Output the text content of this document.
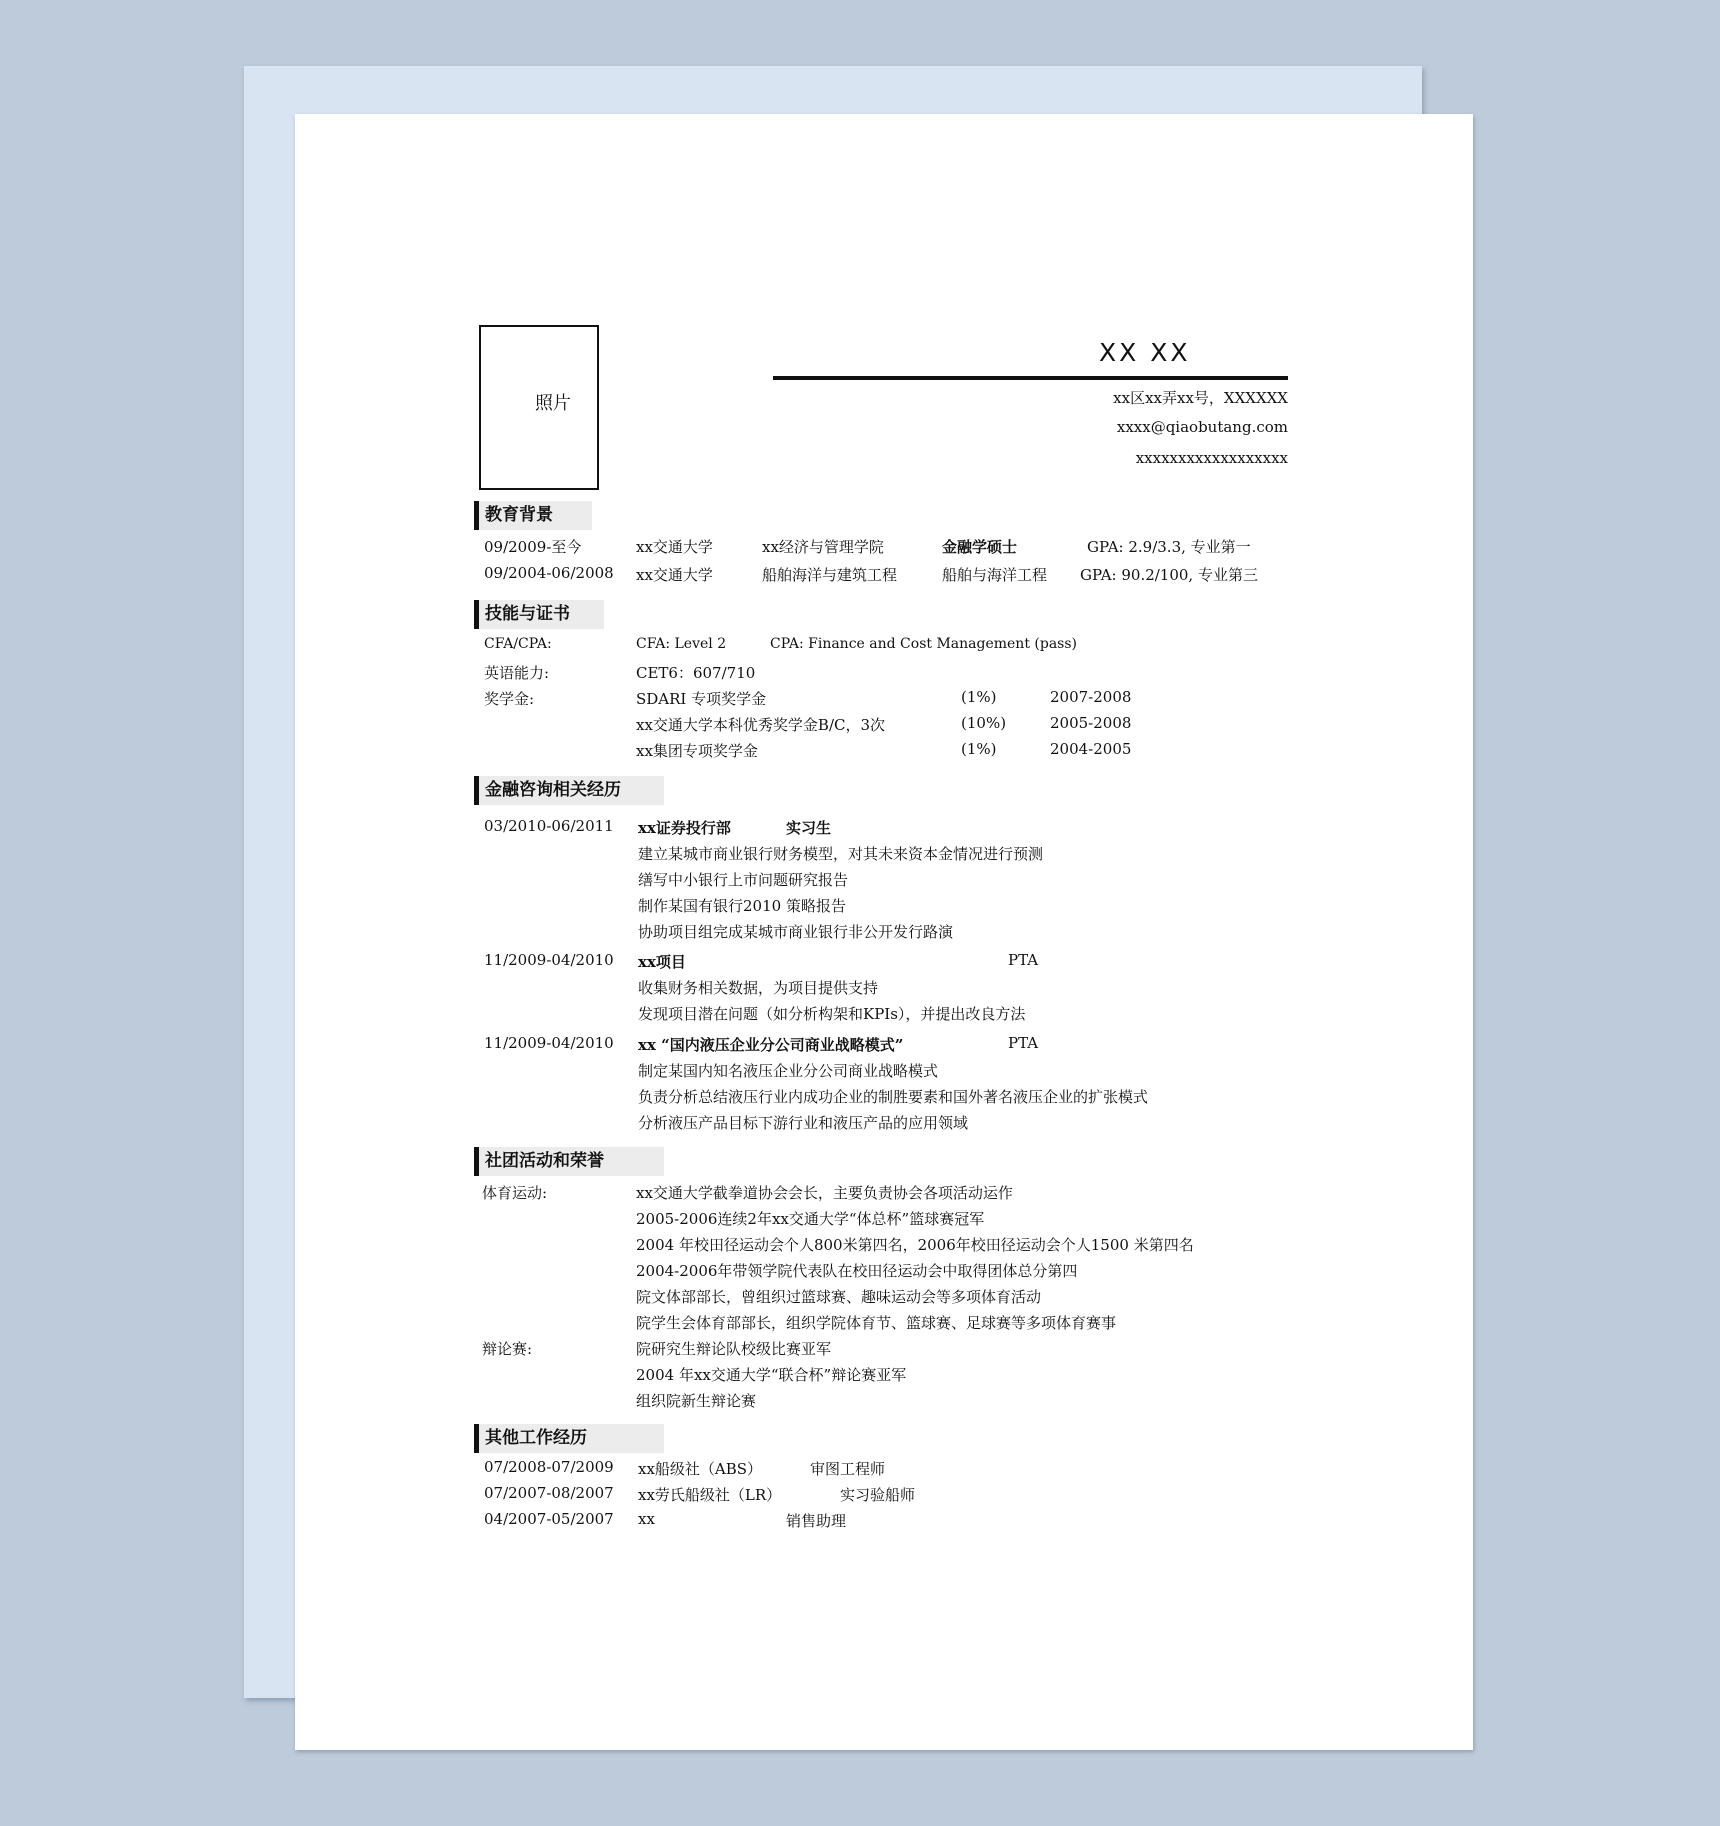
照片
XX XX
xx区xx弄xx号，XXXXXX
xxxx@qiaobutang.com
xxxxxxxxxxxxxxxxxx
教育背景
09/2009-至今	xx交通大学	xx经济与管理学院	金融学硕士	GPA: 2.9/3.3, 专业第一
09/2004-06/2008 xx交通大学	船舶海洋与建筑工程	船舶与海洋工程 GPA: 90.2/100, 专业第三
技能与证书
CFA/CPA:	CFA: Level 2	CPA: Finance and Cost Management (pass)
英语能力:	CET6：607/710
奖学金:	SDARI 专项奖学金	(1%)	2007-2008
xx交通大学本科优秀奖学金B/C，3次	(10%)	2005-2008
xx集团专项奖学金	(1%)	2004-2005
金融咨询相关经历
03/2010-06/2011 xx证券投行部	实习生
建立某城市商业银行财务模型，对其未来资本金情况进行预测
缮写中小银行上市问题研究报告
制作某国有银行2010 策略报告
协助项目组完成某城市商业银行非公开发行路演
11/2009-04/2010 xx项目	PTA
收集财务相关数据，为项目提供支持
发现项目潜在问题（如分析构架和KPIs），并提出改良方法
11/2009-04/2010 xx “国内液压企业分公司商业战略模式”	PTA
制定某国内知名液压企业分公司商业战略模式
负责分析总结液压行业内成功企业的制胜要素和国外著名液压企业的扩张模式
分析液压产品目标下游行业和液压产品的应用领域
社团活动和荣誉
体育运动:	xx交通大学截拳道协会会长，主要负责协会各项活动运作
2005-2006连续2年xx交通大学“体总杯”篮球赛冠军
2004 年校田径运动会个人800米第四名，2006年校田径运动会个人1500 米第四名
2004-2006年带领学院代表队在校田径运动会中取得团体总分第四
院文体部部长，曾组织过篮球赛、趣味运动会等多项体育活动
院学生会体育部部长，组织学院体育节、篮球赛、足球赛等多项体育赛事
辩论赛:	院研究生辩论队校级比赛亚军
2004 年xx交通大学“联合杯”辩论赛亚军
组织院新生辩论赛
其他工作经历
07/2008-07/2009 xx船级社（ABS）	审图工程师
07/2007-08/2007 xx劳氏船级社（LR）	实习验船师
04/2007-05/2007 xx	销售助理
